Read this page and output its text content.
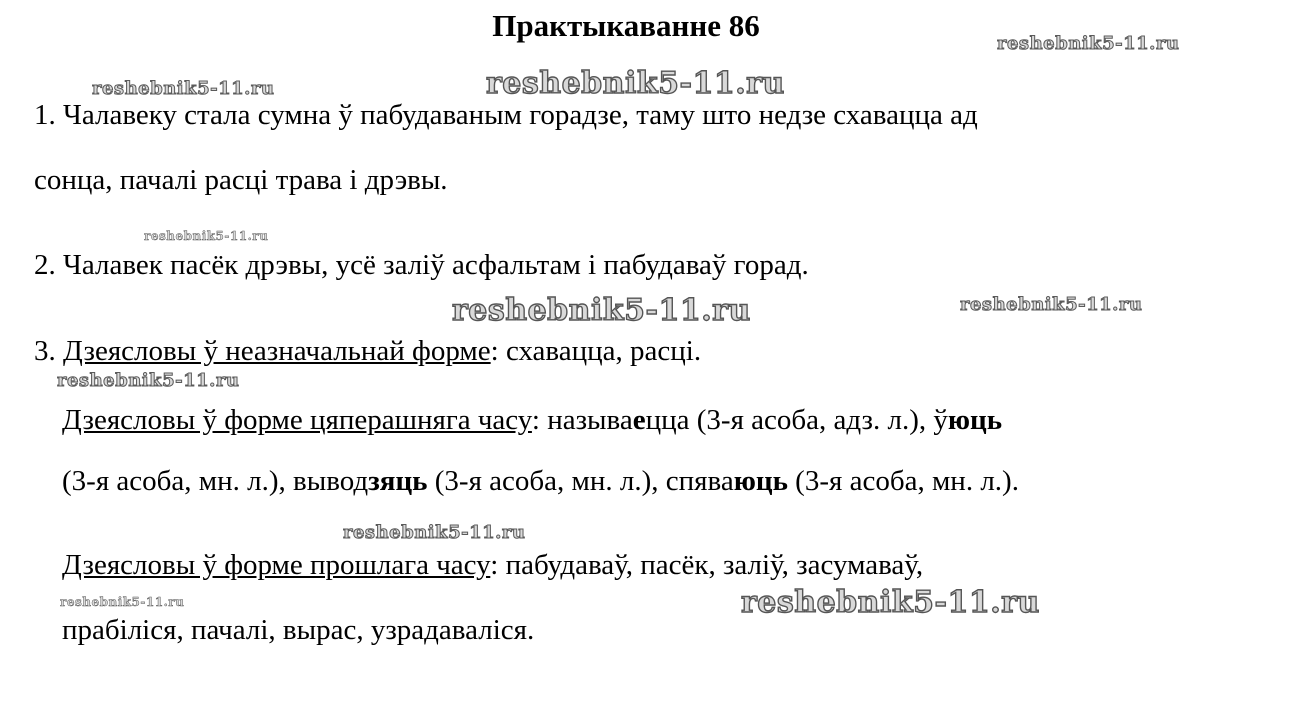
Практыкаванне 86
1. Чалавеку стала сумна ў пабудаваным горадзе, таму што недзе схавацца ад
сонца, пачалі расці трава і дрэвы.
2. Чалавек пасёк дрэвы, усё заліў асфальтам і пабудаваў горад.
3. Дзеясловы ў неазначальнай форме: схавацца, расці.
Дзеясловы ў форме цяперашняга часу: называецца (3-я асоба, адз. л.), ўюць
(3-я асоба, мн. л.), выводзяць (3-я асоба, мн. л.), спяваюць (3-я асоба, мн. л.).
Дзеясловы ў форме прошлага часу: пабудаваў, пасёк, заліў, засумаваў,
прабіліся, пачалі, вырас, узрадаваліся.
reshebnik5-11.ru
reshebnik5-11.ru	reshebnik5-11.ru
reshebnik5-11.ru
reshebnik5-11.ru	reshebnik5-11.ru
reshebnik5-11.ru
reshebnik5-11.ru
reshebnik5-11.ru	reshebnik5-11.ru
